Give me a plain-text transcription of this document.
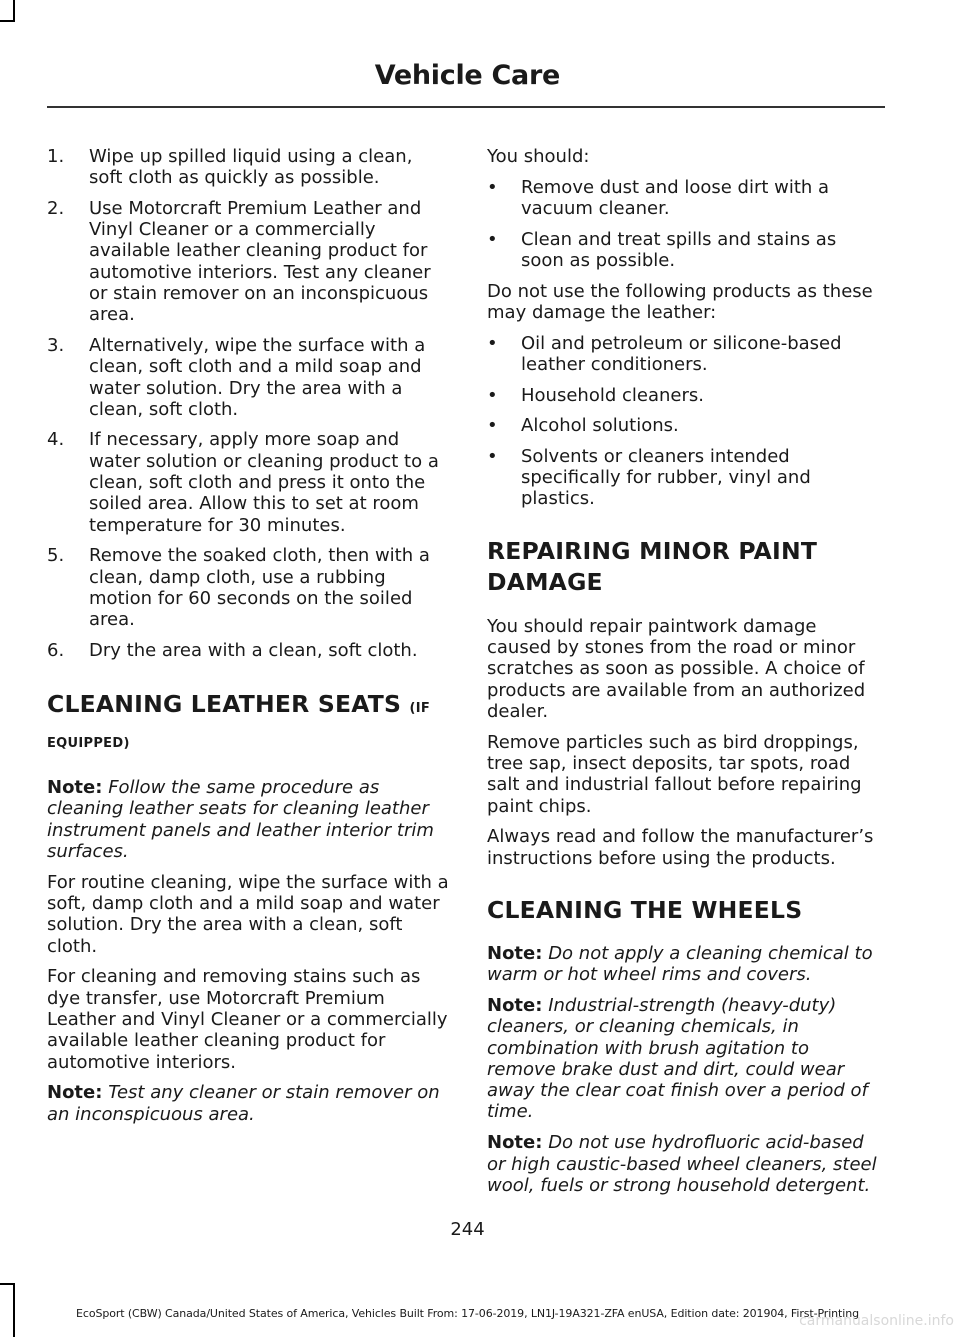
Vehicle Care
1. Wipe up spilled liquid using a clean, soft cloth as quickly as possible.
2. Use Motorcraft Premium Leather and Vinyl Cleaner or a commercially available leather cleaning product for automotive interiors. Test any cleaner or stain remover on an inconspicuous area.
3. Alternatively, wipe the surface with a clean, soft cloth and a mild soap and water solution. Dry the area with a clean, soft cloth.
4. If necessary, apply more soap and water solution or cleaning product to a clean, soft cloth and press it onto the soiled area. Allow this to set at room temperature for 30 minutes.
5. Remove the soaked cloth, then with a clean, damp cloth, use a rubbing motion for 60 seconds on the soiled area.
6. Dry the area with a clean, soft cloth.
CLEANING LEATHER SEATS (IF EQUIPPED)

Note: Follow the same procedure as cleaning leather seats for cleaning leather instrument panels and leather interior trim surfaces.

For routine cleaning, wipe the surface with a soft, damp cloth and a mild soap and water solution. Dry the area with a clean, soft cloth.

For cleaning and removing stains such as dye transfer, use Motorcraft Premium Leather and Vinyl Cleaner or a commercially available leather cleaning product for automotive interiors.

Note: Test any cleaner or stain remover on an inconspicuous area.

You should:

• Remove dust and loose dirt with a vacuum cleaner.
• Clean and treat spills and stains as soon as possible.

Do not use the following products as these may damage the leather:

• Oil and petroleum or silicone-based leather conditioners.
• Household cleaners.
• Alcohol solutions.
• Solvents or cleaners intended specifically for rubber, vinyl and plastics.
REPAIRING MINOR PAINT DAMAGE

You should repair paintwork damage caused by stones from the road or minor scratches as soon as possible. A choice of products are available from an authorized dealer.

Remove particles such as bird droppings, tree sap, insect deposits, tar spots, road salt and industrial fallout before repairing paint chips.

Always read and follow the manufacturer’s instructions before using the products.

CLEANING THE WHEELS

Note: Do not apply a cleaning chemical to warm or hot wheel rims and covers.

Note: Industrial-strength (heavy-duty) cleaners, or cleaning chemicals, in combination with brush agitation to remove brake dust and dirt, could wear away the clear coat finish over a period of time.

Note: Do not use hydrofluoric acid-based or high caustic-based wheel cleaners, steel wool, fuels or strong household detergent.

244
EcoSport (CBW) Canada/United States of America, Vehicles Built From: 17-06-2019, LN1J-19A321-ZFA enUSA, Edition date: 201904, First-Printing
carmanualsonline.info
